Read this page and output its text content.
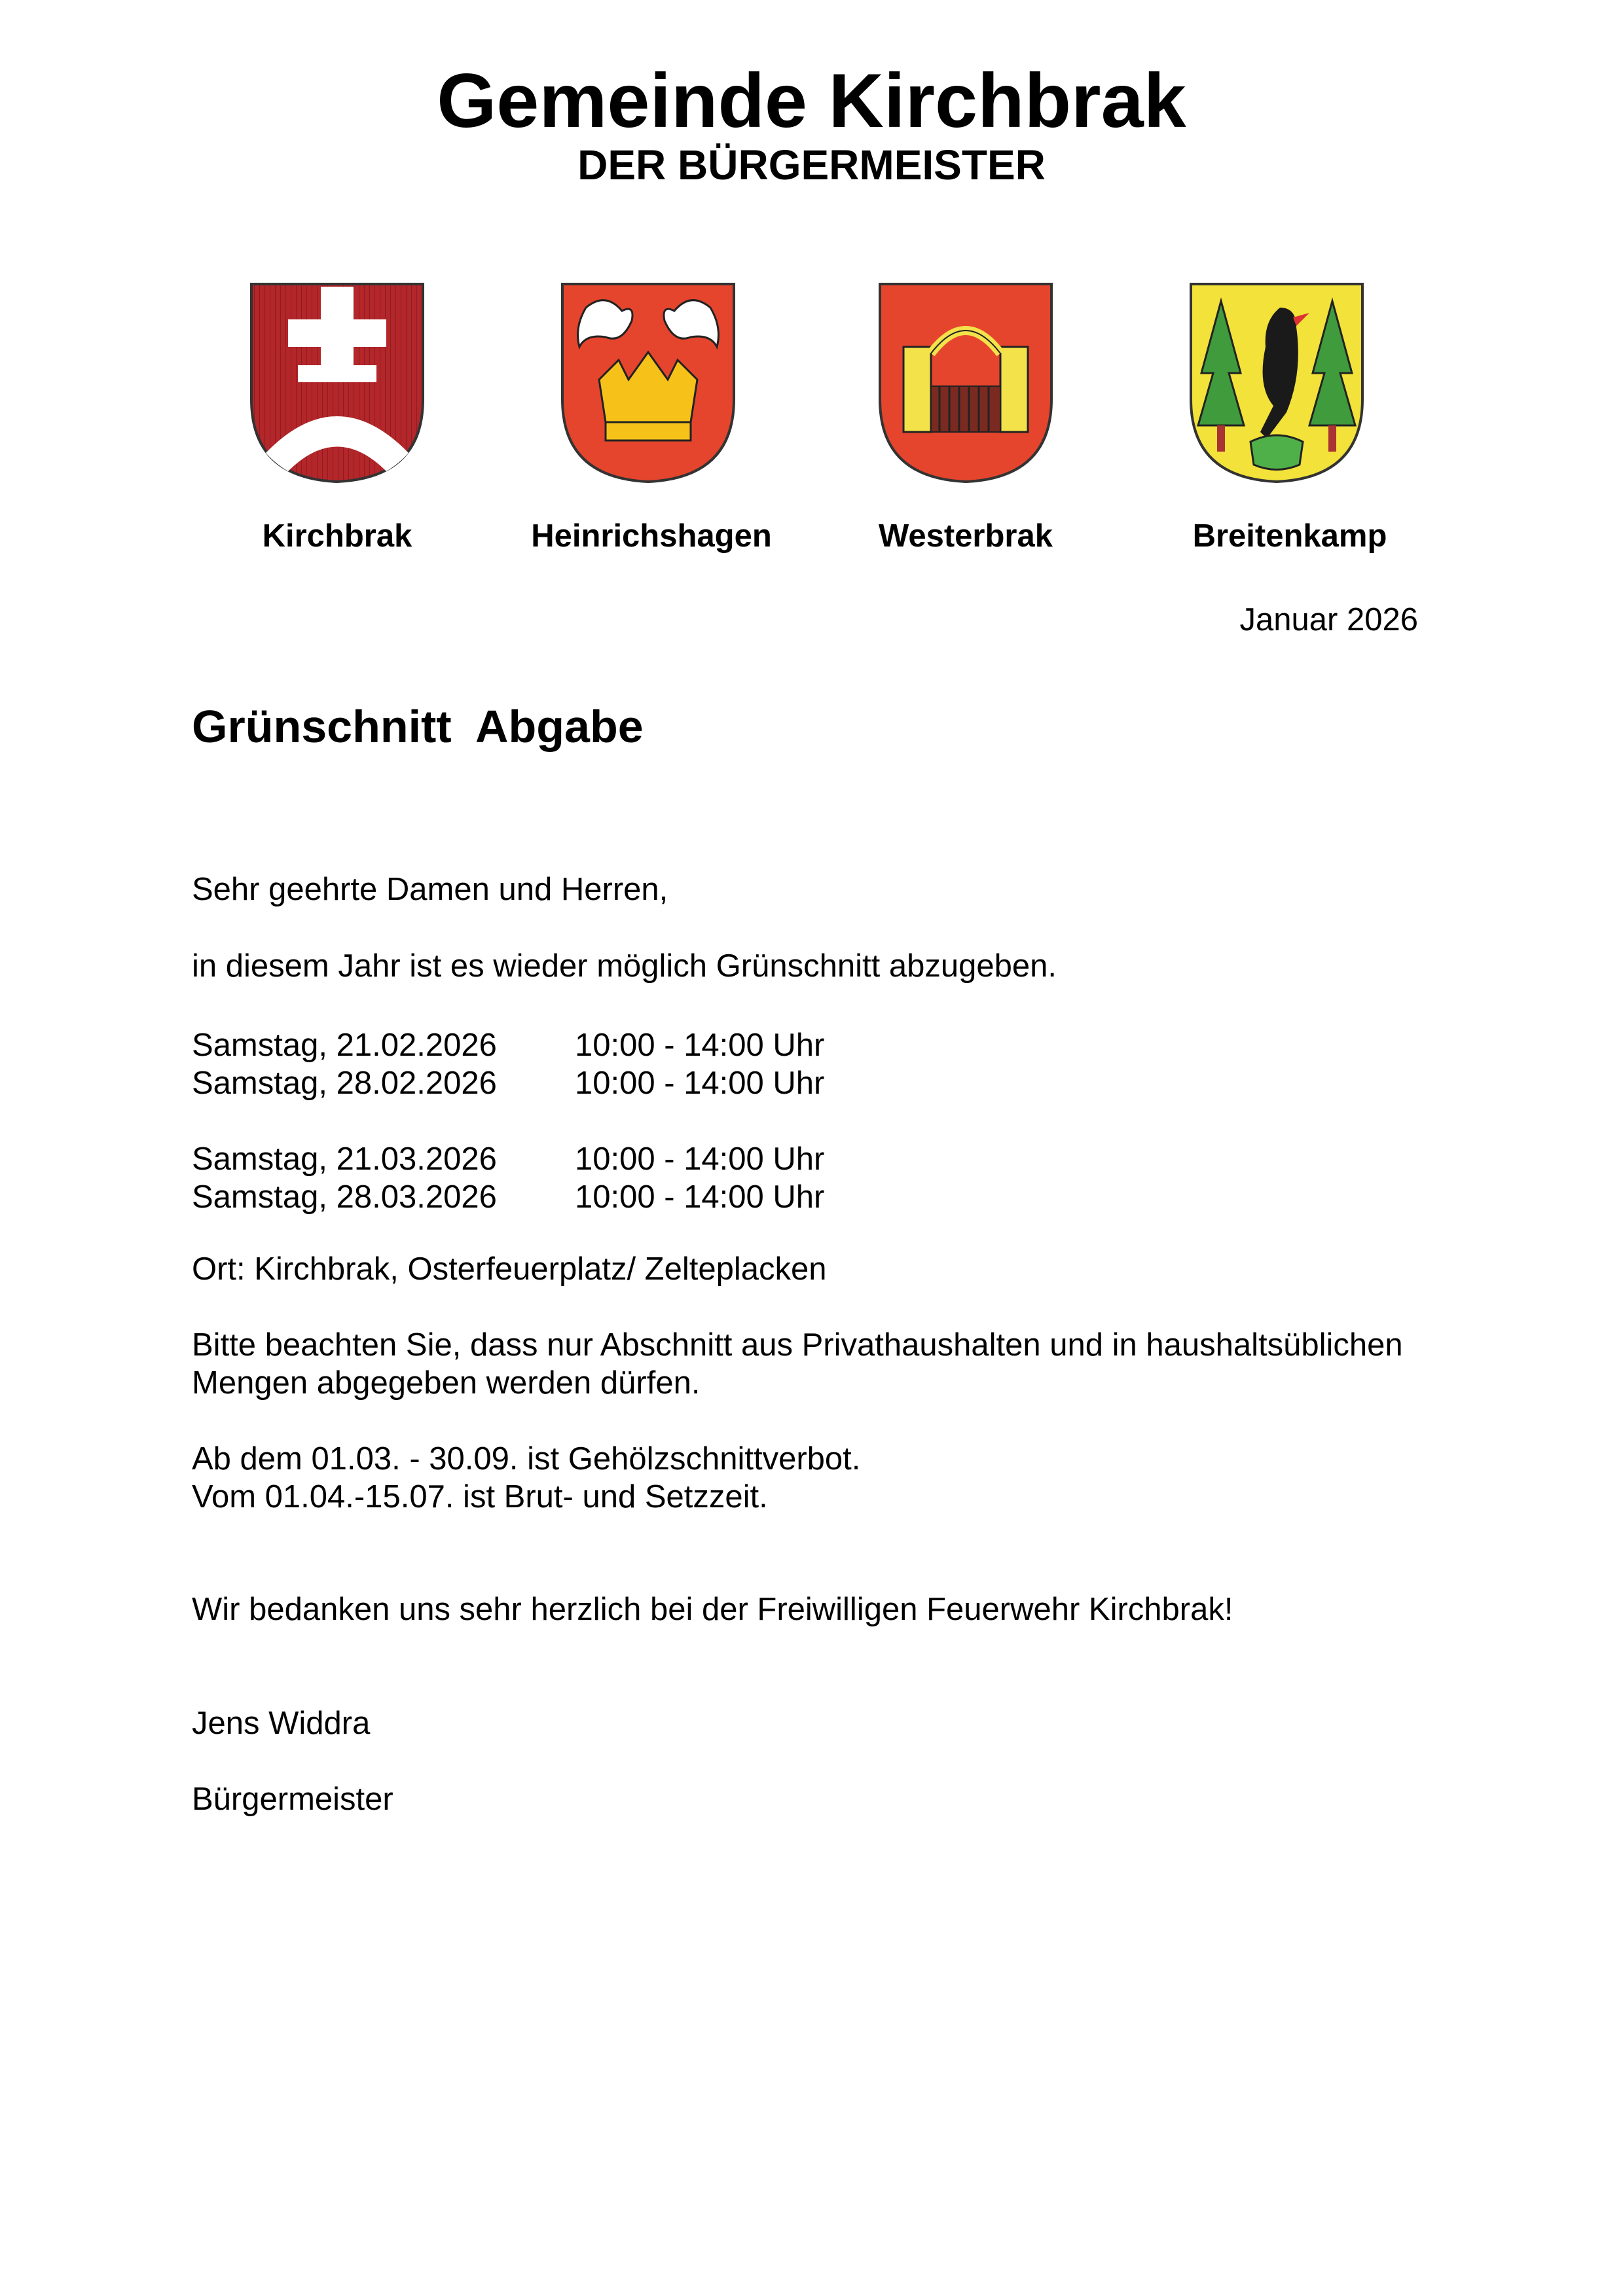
Gemeinde Kirchbrak
DER BÜRGERMEISTER
Kirchbrak	Heinrichshagen	Westerbrak	Breitenkamp
Januar 2026
Grünschnitt  Abgabe
Sehr geehrte Damen und Herren,
in diesem Jahr ist es wieder möglich Grünschnitt abzugeben.
Samstag, 21.02.2026 10:00 - 14:00 Uhr
Samstag, 28.02.2026 10:00 - 14:00 Uhr
Samstag, 21.03.2026 10:00 - 14:00 Uhr
Samstag, 28.03.2026 10:00 - 14:00 Uhr
Ort: Kirchbrak, Osterfeuerplatz/ Zelteplacken
Bitte beachten Sie, dass nur Abschnitt aus Privathaushalten und in haushaltsüblichen
Mengen abgegeben werden dürfen.
Ab dem 01.03. - 30.09. ist Gehölzschnittverbot.
Vom 01.04.-15.07. ist Brut- und Setzzeit.
Wir bedanken uns sehr herzlich bei der Freiwilligen Feuerwehr Kirchbrak!
Jens Widdra
Bürgermeister
